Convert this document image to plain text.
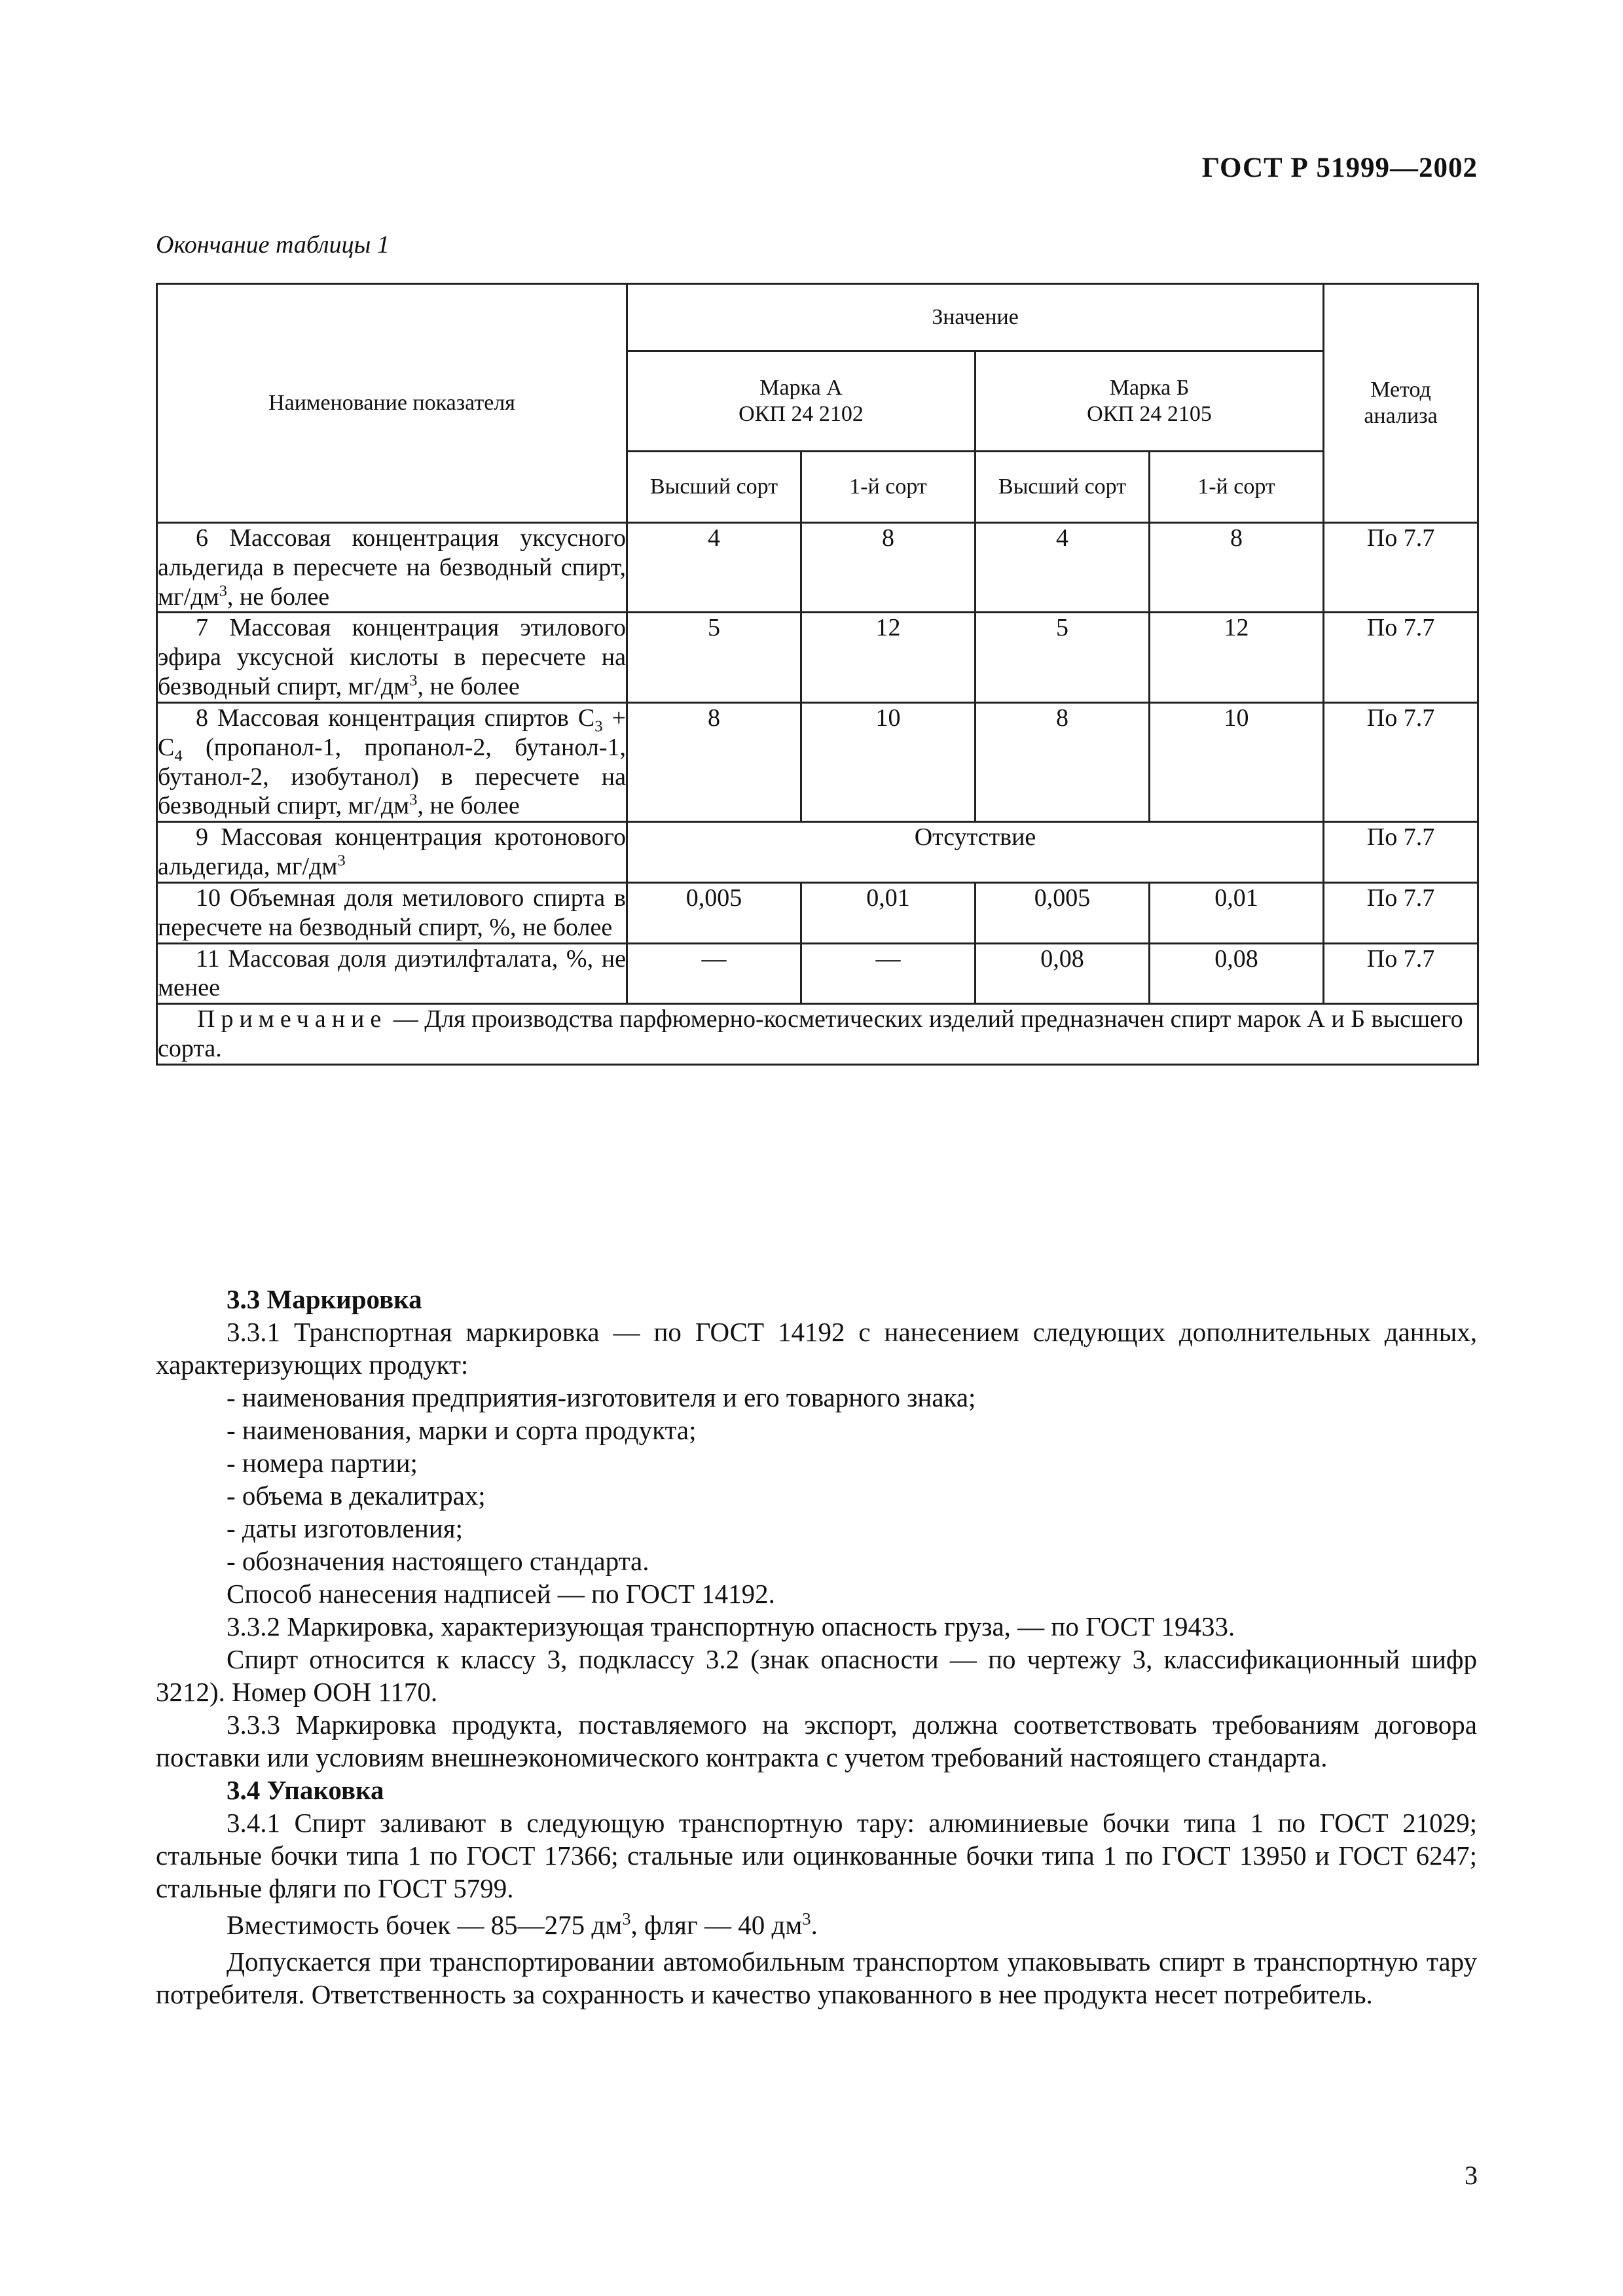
ГОСТ Р 51999—2002
Окончание таблицы 1
Наименование показателя	Значение				Метод
анализа
	Марка А
ОКП 24 2102		Марка Б
ОКП 24 2105		
	Высший сорт	1-й сорт	Высший сорт	1-й сорт	

6 Массовая концентрация уксусного альдегида в пересчете на безводный спирт, $мг/дм^3$, не более	4	8	4	8	По 7.7

7 Массовая концентрация этилового эфира уксусной кислоты в пересчете на безводный спирт, $мг/дм^3$, не более	5	12	5	12	По 7.7

8 Массовая концентрация спиртов $С_3 + С_4$ (пропанол-1, пропанол-2, бутанол-1, бутанол-2, изобутанол) в пересчете на безводный спирт, $мг/дм^3$, не более	8	10	8	10	По 7.7

9 Массовая концентрация кротонового альдегида, $мг/дм^3$	Отсутствие				По 7.7

10 Объемная доля метилового спирта в пересчете на безводный спирт, %, не более	0,005	0,01	0,005	0,01	По 7.7

11 Массовая доля диэтилфталата, %, не менее	—	—	0,08	0,08	По 7.7
Примечание — Для производства парфюмерно-косметических изделий предназначен спирт марок А и Б высшего сорта.					
3.3 Маркировка

3.3.1 Транспортная маркировка — по ГОСТ 14192 с нанесением следующих дополнительных данных, характеризующих продукт:

- наименования предприятия-изготовителя и его товарного знака;

- наименования, марки и сорта продукта;

- номера партии;

- объема в декалитрах;

- даты изготовления;

- обозначения настоящего стандарта.

Способ нанесения надписей — по ГОСТ 14192.

3.3.2 Маркировка, характеризующая транспортную опасность груза, — по ГОСТ 19433.

Спирт относится к классу 3, подклассу 3.2 (знак опасности — по чертежу 3, классификационный шифр 3212). Номер ООН 1170.

3.3.3 Маркировка продукта, поставляемого на экспорт, должна соответствовать требованиям договора поставки или условиям внешнеэкономического контракта с учетом требований настоящего стандарта.

3.4 Упаковка

3.4.1 Спирт заливают в следующую транспортную тару: алюминиевые бочки типа 1 по ГОСТ 21029; стальные бочки типа 1 по ГОСТ 17366; стальные или оцинкованные бочки типа 1 по ГОСТ 13950 и ГОСТ 6247; стальные фляги по ГОСТ 5799.

Вместимость бочек — 85—275 $дм^3$, фляг — 40 $дм^3$.

Допускается при транспортировании автомобильным транспортом упаковывать спирт в транспортную тару потребителя. Ответственность за сохранность и качество упакованного в нее продукта несет потребитель.

3
